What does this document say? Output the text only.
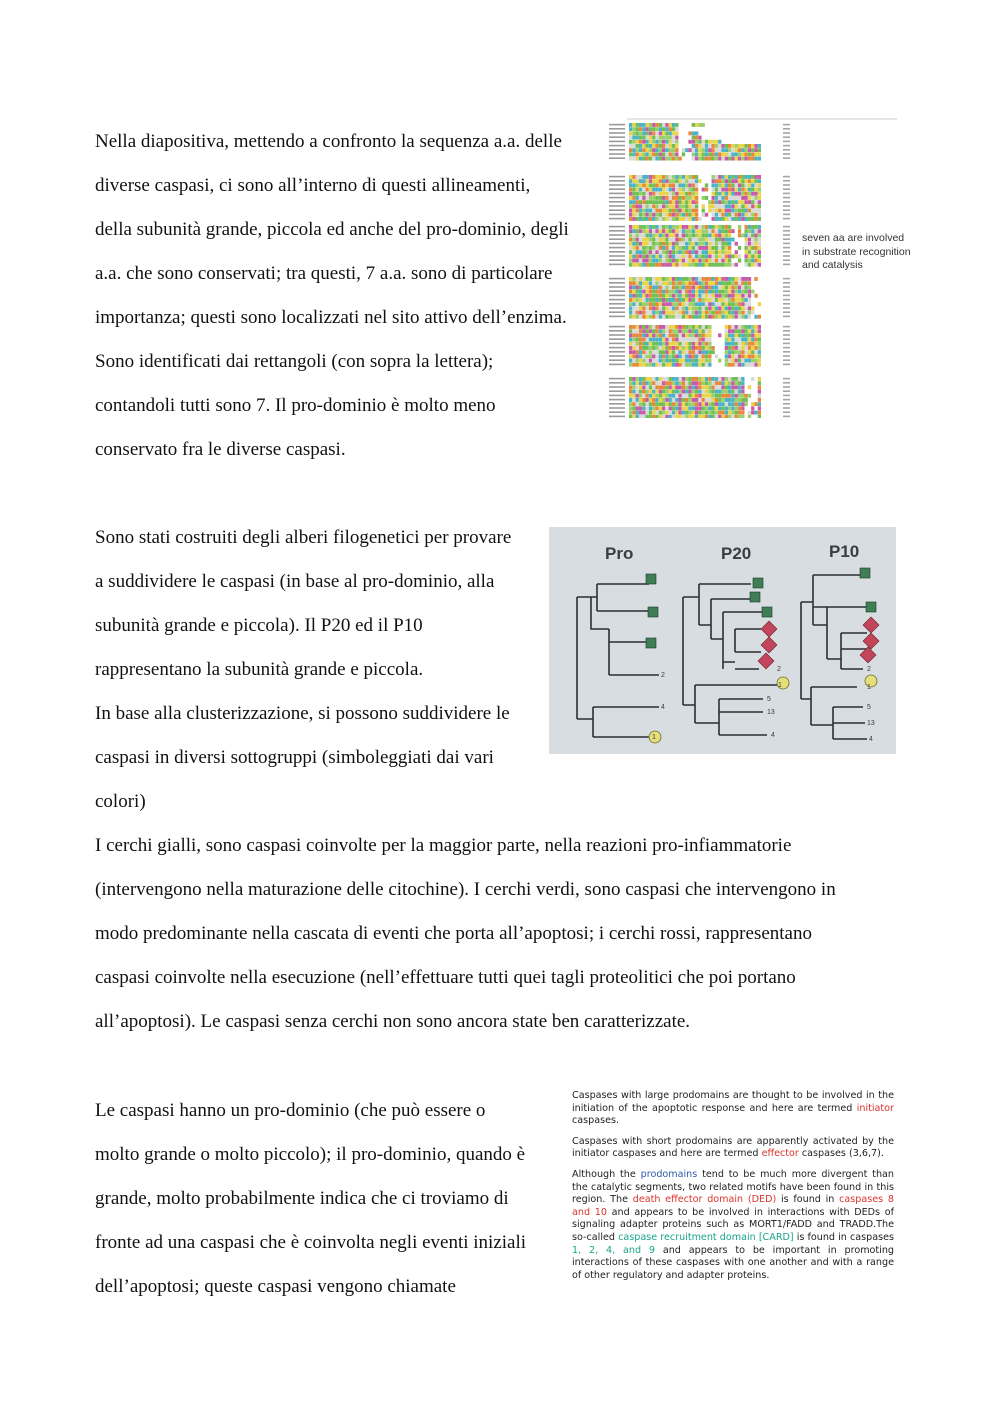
Nella diapositiva, mettendo a confronto la sequenza a.a. delle
diverse caspasi, ci sono all’interno di questi allineamenti,
della subunità grande, piccola ed anche del pro-dominio, degli
a.a. che sono conservati; tra questi, 7 a.a. sono di particolare
importanza; questi sono localizzati nel sito attivo dell’enzima.
Sono identificati dai rettangoli (con sopra la lettera);
contandoli tutti sono 7. Il pro-dominio è molto meno
conservato fra le diverse caspasi.
seven aa are involved in substrate recognition and catalysis
Sono stati costruiti degli alberi filogenetici per provare
a suddividere le caspasi (in base al pro-dominio, alla
subunità grande e piccola). Il P20 ed il P10
rappresentano la subunità grande e piccola.
In base alla clusterizzazione, si possono suddividere le
caspasi in diversi sottogruppi (simboleggiati dai vari
colori)
I cerchi gialli, sono caspasi coinvolte per la maggior parte, nella reazioni pro-infiammatorie
(intervengono nella maturazione delle citochine). I cerchi verdi, sono caspasi che intervengono in
modo predominante nella cascata di eventi che porta all’apoptosi; i cerchi rossi, rappresentano
caspasi coinvolte nella esecuzione (nell’effettuare tutti quei tagli proteolitici che poi portano
all’apoptosi). Le caspasi senza cerchi non sono ancora state ben caratterizzate.
Pro	P20	P10
2
4
1
2
1
5
13
4
2
1
5
13
4
Le caspasi hanno un pro-dominio (che può essere o
molto grande o molto piccolo); il pro-dominio, quando è
grande, molto probabilmente indica che ci troviamo di
fronte ad una caspasi che è coinvolta negli eventi iniziali
dell’apoptosi; queste caspasi vengono chiamate

Caspases with large prodomains are thought to be involved in the initiation of the apoptotic response and here are termed initiator caspases.

Caspases with short prodomains are apparently activated by the initiator caspases and here are termed effector caspases (3,6,7).

Although the prodomains tend to be much more divergent than the catalytic segments, two related motifs have been found in this region. The death effector domain (DED) is found in caspases 8 and 10 and appears to be involved in interactions with DEDs of signaling adapter proteins such as MORT1/FADD and TRADD.The so-called caspase recruitment domain [CARD] is found in caspases 1, 2, 4, and 9 and appears to be important in promoting interactions of these caspases with one another and with a range of other regulatory and adapter proteins.
